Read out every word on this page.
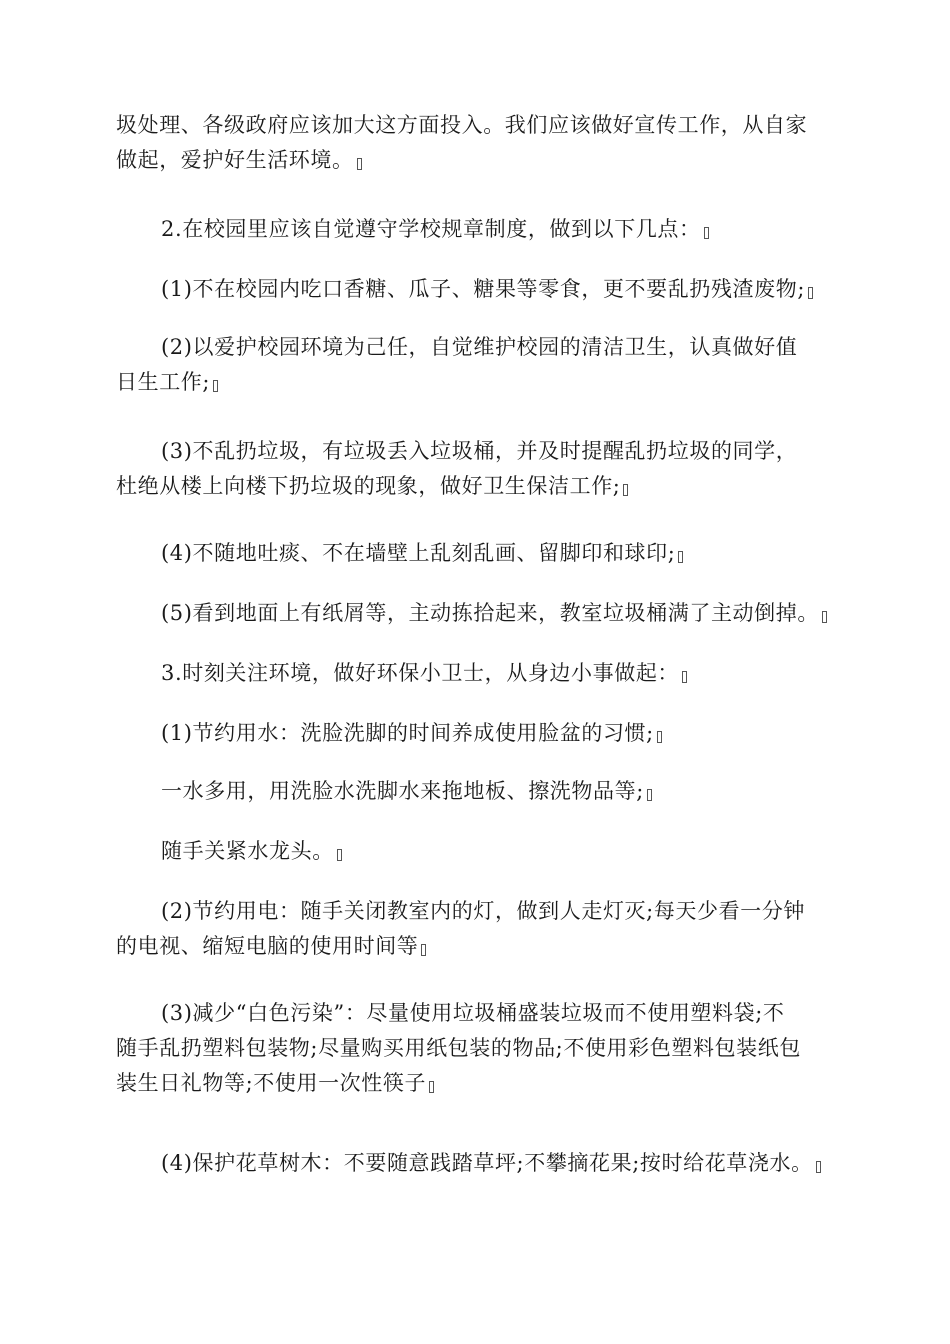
圾处理、各级政府应该加大这方面投入。我们应该做好宣传工作，从自家
做起，爱护好生活环境。

2.在校园里应该自觉遵守学校规章制度，做到以下几点：

(1)不在校园内吃口香糖、瓜子、糖果等零食，更不要乱扔残渣废物;

(2)以爱护校园环境为己任，自觉维护校园的清洁卫生，认真做好值
日生工作;

(3)不乱扔垃圾，有垃圾丢入垃圾桶，并及时提醒乱扔垃圾的同学，
杜绝从楼上向楼下扔垃圾的现象，做好卫生保洁工作;

(4)不随地吐痰、不在墙壁上乱刻乱画、留脚印和球印;

(5)看到地面上有纸屑等，主动拣拾起来，教室垃圾桶满了主动倒掉。

3.时刻关注环境，做好环保小卫士，从身边小事做起：

(1)节约用水：洗脸洗脚的时间养成使用脸盆的习惯;

一水多用，用洗脸水洗脚水来拖地板、擦洗物品等;

随手关紧水龙头。

(2)节约用电：随手关闭教室内的灯，做到人走灯灭;每天少看一分钟
的电视、缩短电脑的使用时间等

(3)减少“白色污染”：尽量使用垃圾桶盛装垃圾而不使用塑料袋;不
随手乱扔塑料包装物;尽量购买用纸包装的物品;不使用彩色塑料包装纸包
装生日礼物等;不使用一次性筷子

(4)保护花草树木：不要随意践踏草坪;不攀摘花果;按时给花草浇水。
